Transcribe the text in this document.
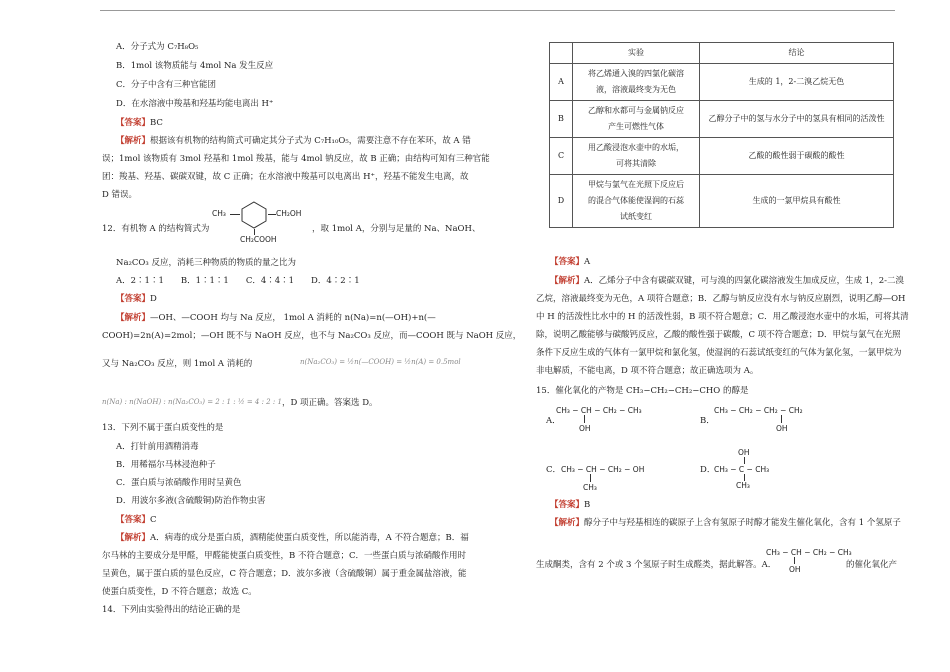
A．分子式为 C₇H₈O₅
B．1mol 该物质能与 4mol Na 发生反应
C．分子中含有三种官能团
D．在水溶液中羧基和羟基均能电离出 H⁺
【答案】BC
【解析】根据该有机物的结构简式可确定其分子式为 C₇H₁₀O₅，需要注意不存在苯环，故 A 错
误；1mol 该物质有 3mol 羟基和 1mol 羧基，能与 4mol 钠反应，故 B 正确；由结构可知有三种官能
团：羧基、羟基、碳碳双键，故 C 正确；在水溶液中羧基可以电离出 H⁺，羟基不能发生电离，故
D 错误。
12．有机物 A 的结构简式为
CH₃	CH₂OH
CH₂COOH
，取 1mol A，分别与足量的 Na、NaOH、
Na₂CO₃ 反应，消耗三种物质的物质的量之比为
A．2∶1∶1　　B．1∶1∶1　　C．4∶4∶1　　D．4∶2∶1
【答案】D
【解析】—OH、—COOH 均与 Na 反应， 1mol A 消耗的 n(Na)=n(—OH)+n(—
COOH)=2n(A)=2mol；—OH 既不与 NaOH 反应，也不与 Na₂CO₃ 反应，而—COOH 既与 NaOH 反应，
又与 Na₂CO₃ 反应，则 1mol A 消耗的	n(Na₂CO₃) = ½n(—COOH) = ½n(A) = 0.5mol
n(Na) : n(NaOH) : n(Na₂CO₃) = 2 : 1 : ½ = 4 : 2 : 1 ，D 项正确。答案选 D。
13．下列不属于蛋白质变性的是
A．打针前用酒精消毒
B．用稀福尔马林浸泡种子
C．蛋白质与浓硝酸作用时呈黄色
D．用波尔多液(含硫酸铜)防治作物虫害
【答案】C
【解析】A．病毒的成分是蛋白质，酒精能使蛋白质变性，所以能消毒，A 不符合题意；B．福
尔马林的主要成分是甲醛，甲醛能使蛋白质变性，B 不符合题意；C．一些蛋白质与浓硝酸作用时
呈黄色，属于蛋白质的显色反应，C 符合题意；D．波尔多液（含硫酸铜）属于重金属盐溶液，能
使蛋白质变性，D 不符合题意；故选 C。
14．下列由实验得出的结论正确的是
	实验	结论
A	将乙烯通入溴的四氯化碳溶
液，溶液最终变为无色	生成的 1，2-二溴乙烷无色
B	乙醇和水都可与金属钠反应
产生可燃性气体	乙醇分子中的氢与水分子中的氢具有相同的活泼性
C	用乙酸浸泡水壶中的水垢，
可将其清除	乙酸的酸性弱于碳酸的酸性
D	甲烷与氯气在光照下反应后
的混合气体能使湿润的石蕊
试纸变红	生成的一氯甲烷具有酸性
【答案】A
【解析】A．乙烯分子中含有碳碳双键，可与溴的四氯化碳溶液发生加成反应，生成 1，2-二溴
乙烷，溶液最终变为无色，A 项符合题意；B．乙醇与钠反应没有水与钠反应剧烈，说明乙醇—OH
中 H 的活泼性比水中的 H 的活泼性弱，B 项不符合题意；C．用乙酸浸泡水壶中的水垢，可将其清
除，说明乙酸能够与碳酸钙反应，乙酸的酸性强于碳酸，C 项不符合题意；D．甲烷与氯气在光照
条件下反应生成的气体有一氯甲烷和氯化氢，使湿润的石蕊试纸变红的气体为氯化氢，一氯甲烷为
非电解质，不能电离，D 项不符合题意；故正确选项为 A。
15．催化氧化的产物是 CH₃−CH₂−CH₂−CHO 的醇是
A．
CH₃ − CH − CH₂ − CH₃
OH
B．
CH₃ − CH₂ − CH₂ − CH₂
OH
C． CH₃ − CH − CH₂ − OH
CH₃
D．
OH
CH₃ − C − CH₃
CH₃
【答案】B
【解析】醇分子中与羟基相连的碳原子上含有氢原子时醇才能发生催化氧化，含有 1 个氢原子
生成酮类，含有 2 个或 3 个氢原子时生成醛类，据此解答。A．
CH₃ − CH − CH₂ − CH₃
OH	的催化氧化产
